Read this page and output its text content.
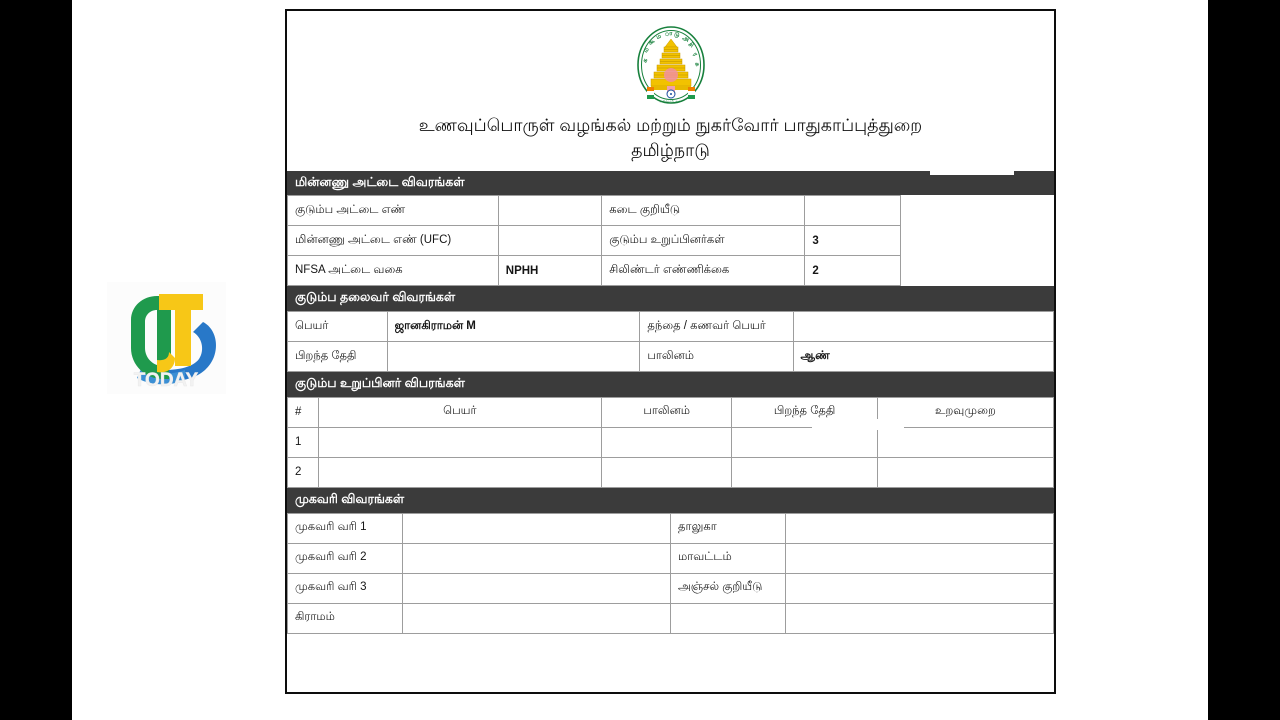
TODAY
க
ம
கூ
ம ா டு அ
சி
ர
க
தமிழ்நாடு அரசு
உணவுப்பொருள் வழங்கல் மற்றும் நுகர்வோர் பாதுகாப்புத்துறை
தமிழ்நாடு
மின்னணு அட்டை விவரங்கள்
குடும்ப அட்டை எண்		கடை குறியீடு		
மின்னணு அட்டை எண் (UFC)		குடும்ப உறுப்பினர்கள்	3	
NFSA அட்டை வகை	NPHH	சிலிண்டர் எண்ணிக்கை	2	
குடும்ப தலைவர் விவரங்கள்
பெயர்	ஜானகிராமன் M	தந்தை / கணவர் பெயர்	
பிறந்த தேதி		பாலினம்	ஆண்
குடும்ப உறுப்பினர் விபரங்கள்
#	பெயர்	பாலினம்	பிறந்த தேதி	உறவுமுறை
1				
2				
முகவரி விவரங்கள்
முகவரி வரி 1		தாலுகா	
முகவரி வரி 2		மாவட்டம்	
முகவரி வரி 3		அஞ்சல் குறியீடு	
கிராமம்			
